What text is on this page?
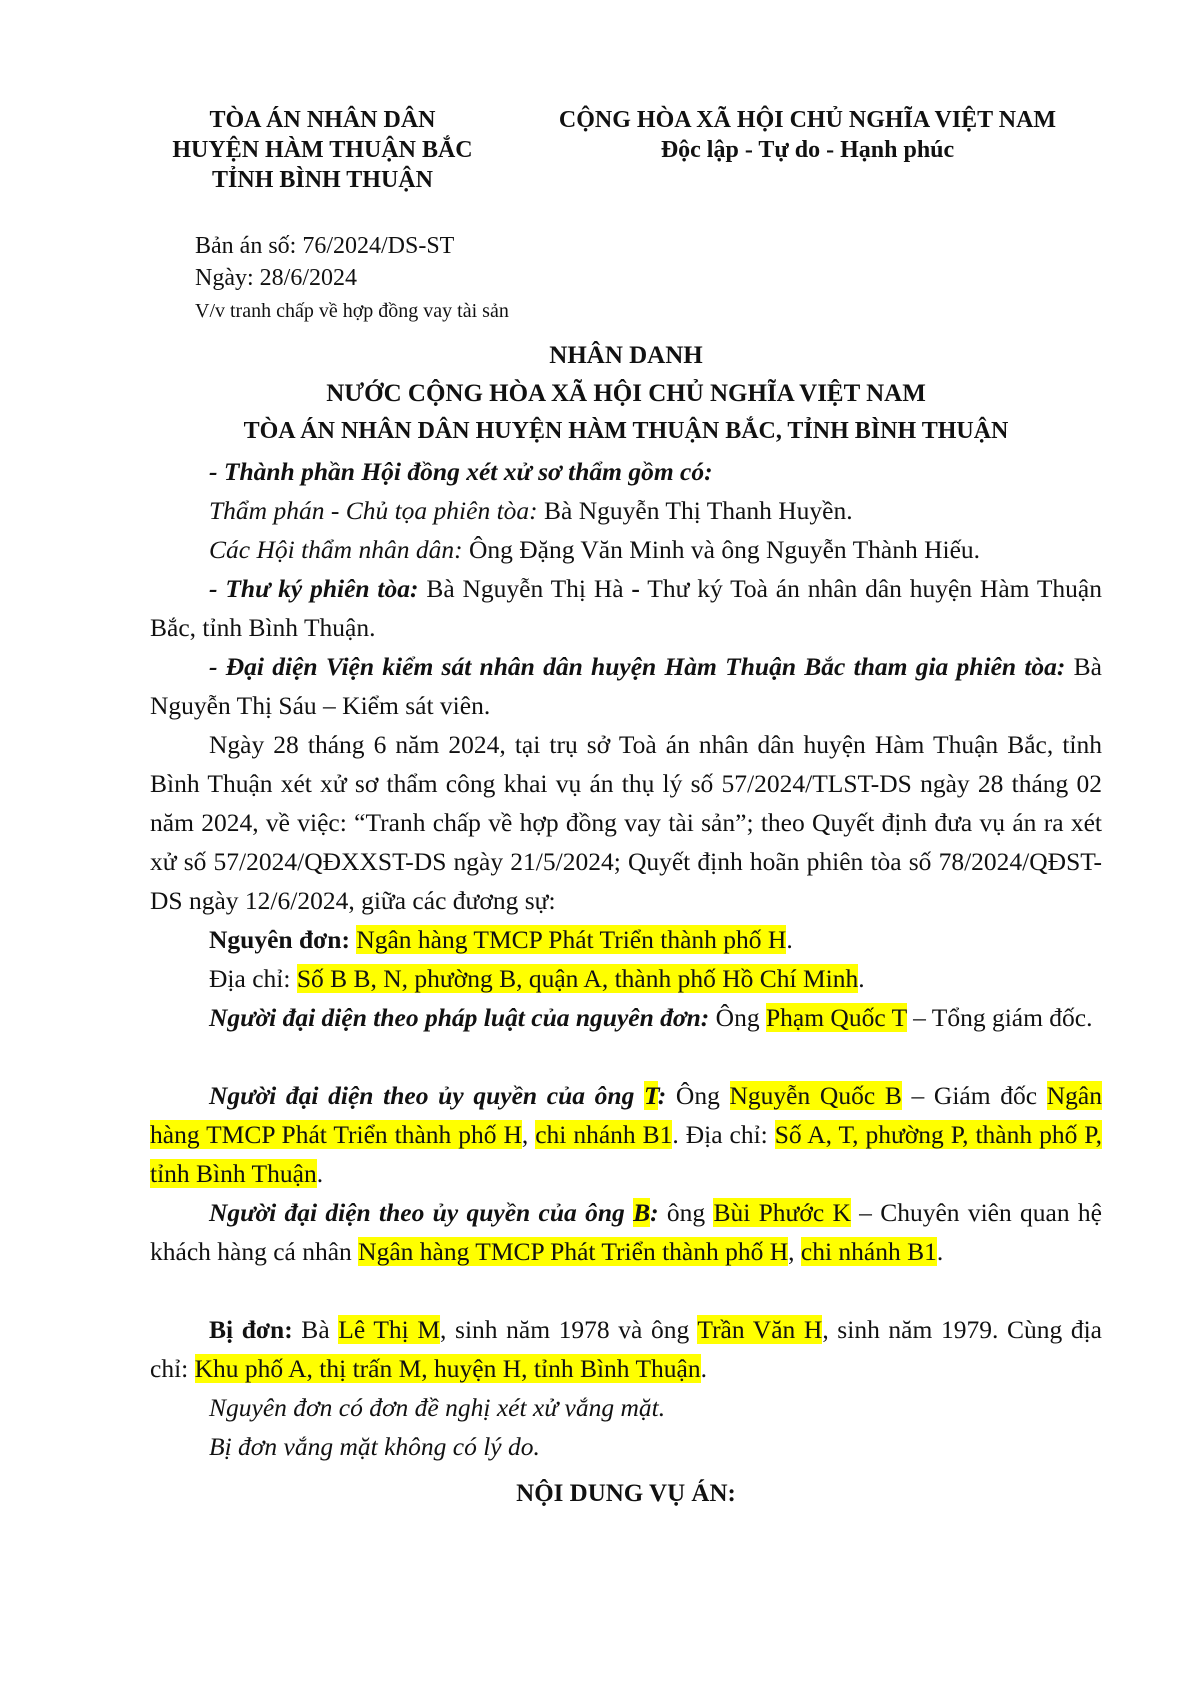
TÒA ÁN NHÂN DÂN
HUYỆN HÀM THUẬN BẮC
TỈNH BÌNH THUẬN
CỘNG HÒA XÃ HỘI CHỦ NGHĨA VIỆT NAM
Độc lập - Tự do - Hạnh phúc
Bản án số: 76/2024/DS-ST
Ngày: 28/6/2024
V/v tranh chấp về hợp đồng vay tài sản
NHÂN DANH
NƯỚC CỘNG HÒA XÃ HỘI CHỦ NGHĨA VIỆT NAM
TÒA ÁN NHÂN DÂN HUYỆN HÀM THUẬN BẮC, TỈNH BÌNH THUẬN
- Thành phần Hội đồng xét xử sơ thẩm gồm có:
Thẩm phán - Chủ tọa phiên tòa: Bà Nguyễn Thị Thanh Huyền.
Các Hội thẩm nhân dân: Ông Đặng Văn Minh và ông Nguyễn Thành Hiếu.
- Thư ký phiên tòa: Bà Nguyễn Thị Hà - Thư ký Toà án nhân dân huyện Hàm Thuận Bắc, tỉnh Bình Thuận.
- Đại diện Viện kiểm sát nhân dân huyện Hàm Thuận Bắc tham gia phiên tòa: Bà Nguyễn Thị Sáu – Kiểm sát viên.
Ngày 28 tháng 6 năm 2024, tại trụ sở Toà án nhân dân huyện Hàm Thuận Bắc, tỉnh Bình Thuận xét xử sơ thẩm công khai vụ án thụ lý số 57/2024/TLST-DS ngày 28 tháng 02 năm 2024, về việc: “Tranh chấp về hợp đồng vay tài sản”; theo Quyết định đưa vụ án ra xét xử số 57/2024/QĐXXST-DS ngày 21/5/2024; Quyết định hoãn phiên tòa số 78/2024/QĐST-DS ngày 12/6/2024, giữa các đương sự:
Nguyên đơn: Ngân hàng TMCP Phát Triển thành phố H.
Địa chỉ: Số B B, N, phường B, quận A, thành phố Hồ Chí Minh.
Người đại diện theo pháp luật của nguyên đơn: Ông Phạm Quốc T – Tổng giám đốc.
Người đại diện theo ủy quyền của ông T: Ông Nguyễn Quốc B – Giám đốc Ngân hàng TMCP Phát Triển thành phố H, chi nhánh B1. Địa chỉ: Số A, T, phường P, thành phố P, tỉnh Bình Thuận.
Người đại diện theo ủy quyền của ông B: ông Bùi Phước K – Chuyên viên quan hệ khách hàng cá nhân Ngân hàng TMCP Phát Triển thành phố H, chi nhánh B1.
Bị đơn: Bà Lê Thị M, sinh năm 1978 và ông Trần Văn H, sinh năm 1979. Cùng địa chỉ: Khu phố A, thị trấn M, huyện H, tỉnh Bình Thuận.
Nguyên đơn có đơn đề nghị xét xử vắng mặt.
Bị đơn vắng mặt không có lý do.
NỘI DUNG VỤ ÁN:
